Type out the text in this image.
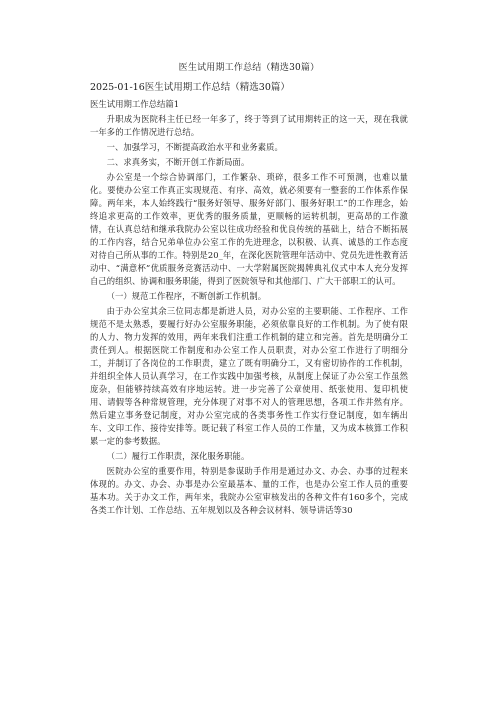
医生试用期工作总结（精选30篇）
2025-01-16医生试用期工作总结（精选30篇）
医生试用期工作总结篇1

升职成为医院科主任已经一年多了，终于等到了试用期转正的这一天，现在我就一年多的工作情况进行总结。

一、加强学习，不断提高政治水平和业务素质。

二、求真务实，不断开创工作新局面。

办公室是一个综合协调部门，工作繁杂、琐碎，很多工作不可预测，也难以量化。要使办公室工作真正实现规范、有序、高效，就必须要有一整套的工作体系作保障。两年来，本人始终践行“服务好领导、服务好部门、服务好职工”的工作理念，始终追求更高的工作效率，更优秀的服务质量，更顺畅的运转机制，更高昂的工作激情，在认真总结和继承我院办公室以往成功经验和优良传统的基础上，结合不断拓展的工作内容，结合兄弟单位办公室工作的先进理念，以积极、认真、诚恳的工作态度对待自己所从事的工作。特别是20_年，在深化医院管理年活动中、党员先进性教育活动中、“满意杯”优质服务竞赛活动中、一大学附属医院揭牌典礼仪式中本人充分发挥自己的组织、协调和服务职能，得到了医院领导和其他部门、广大干部职工的认可。

（一）规范工作程序，不断创新工作机制。

由于办公室其余三位同志都是新进人员，对办公室的主要职能、工作程序、工作规范不是太熟悉，要履行好办公室服务职能，必须依靠良好的工作机制。为了使有限的人力、物力发挥的效用，两年来我们注重工作机制的建立和完善。首先是明确分工责任到人。根据医院工作制度和办公室工作人员职责，对办公室工作进行了明细分工，并制订了各岗位的工作职责，建立了既有明确分工，又有密切协作的工作机制，并组织全体人员认真学习，在工作实践中加强考核，从制度上保证了办公室工作虽然庞杂，但能够持续高效有序地运转。进一步完善了公章使用、纸张使用、复印机使用、请假等各种常规管理，充分体现了对事不对人的管理思想，各项工作井然有序。然后建立事务登记制度，对办公室完成的各类事务性工作实行登记制度，如车辆出车、文印工作、接待安排等。既记载了科室工作人员的工作量，又为成本核算工作积累一定的参考数据。

（二）履行工作职责，深化服务职能。

医院办公室的重要作用，特别是参谋助手作用是通过办文、办会、办事的过程来体现的。办文、办会、办事是办公室最基本、量的工作，也是办公室工作人员的重要基本功。关于办文工作，两年来，我院办公室审核发出的各种文件有160多个，完成各类工作计划、工作总结、五年规划以及各种会议材料、领导讲话等30
